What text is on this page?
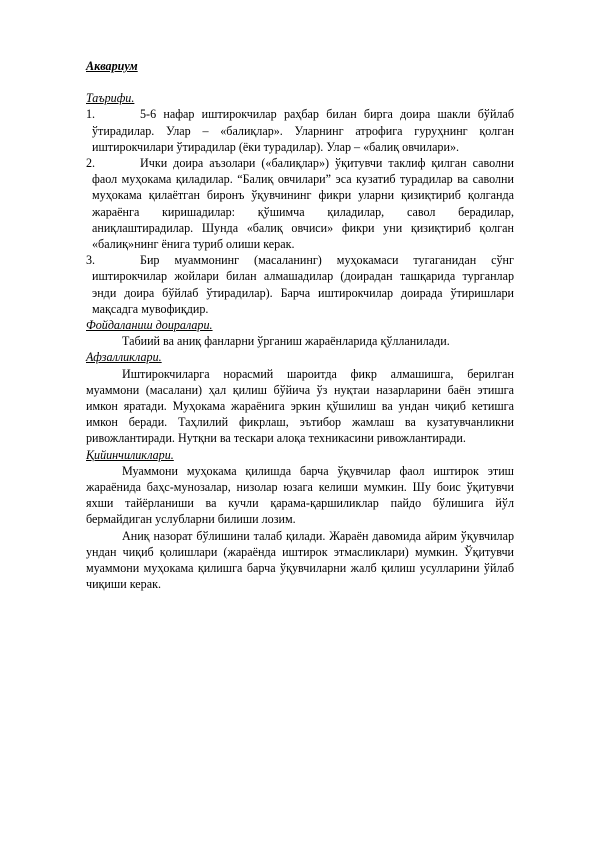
Аквариум

Таърифи.

1.	5-6 нафар иштирокчилар раҳбар билан бирга доира шакли бўйлаб ўтирадилар. Улар – «балиқлар». Уларнинг атрофига гуруҳнинг қолган иштирокчилари ўтирадилар (ёки турадилар). Улар – «балиқ овчилари».
2.	Ички доира аъзолари («балиқлар») ўқитувчи таклиф қилган саволни фаол муҳокама қиладилар. “Балиқ овчилари” эса кузатиб турадилар ва саволни муҳокама қилаётган биронъ ўқувчининг фикри уларни қизиқтириб қолганда жараёнга киришадилар: қўшимча қиладилар, савол берадилар, аниқлаштирадилар. Шунда «балиқ овчиси» фикри уни қизиқтириб қолган «балиқ»нинг ёнига туриб олиши керак.
3.	Бир муаммонинг (масаланинг) муҳокамаси тугаганидан сўнг иштирокчилар жойлари билан алмашадилар (доирадан ташқарида турганлар энди доира бўйлаб ўтирадилар). Барча иштирокчилар доирада ўтиришлари мақсадга мувофиқдир.

Фойдаланиш доиралари.

Табиий ва аниқ фанларни ўрганиш жараёнларида қўлланилади.

Афзалликлари.

Иштирокчиларга норасмий шароитда фикр алмашишга, берилган муаммони (масалани) ҳал қилиш бўйича ўз нуқтаи назарларини баён этишга имкон яратади. Муҳокама жараёнига эркин қўшилиш ва ундан чиқиб кетишга имкон беради. Таҳлилий фикрлаш, эътибор жамлаш ва кузатувчанликни ривожлантиради. Нутқни ва тескари алоқа техникасини ривожлантиради.

Қийинчиликлари.

Муаммони муҳокама қилишда барча ўқувчилар фаол иштирок этиш жараёнида баҳс-мунозалар, низолар юзага келиши мумкин. Шу боис ўқитувчи яхши тайёрланиши ва кучли қарама-қаршиликлар пайдо бўлишига йўл бермайдиган услубларни билиши лозим.

Аниқ назорат бўлишини талаб қилади. Жараён давомида айрим ўқувчилар ундан чиқиб қолишлари (жараёнда иштирок этмасликлари) мумкин. Ўқитувчи муаммони муҳокама қилишга барча ўқувчиларни жалб қилиш усулларини ўйлаб чиқиши керак.
